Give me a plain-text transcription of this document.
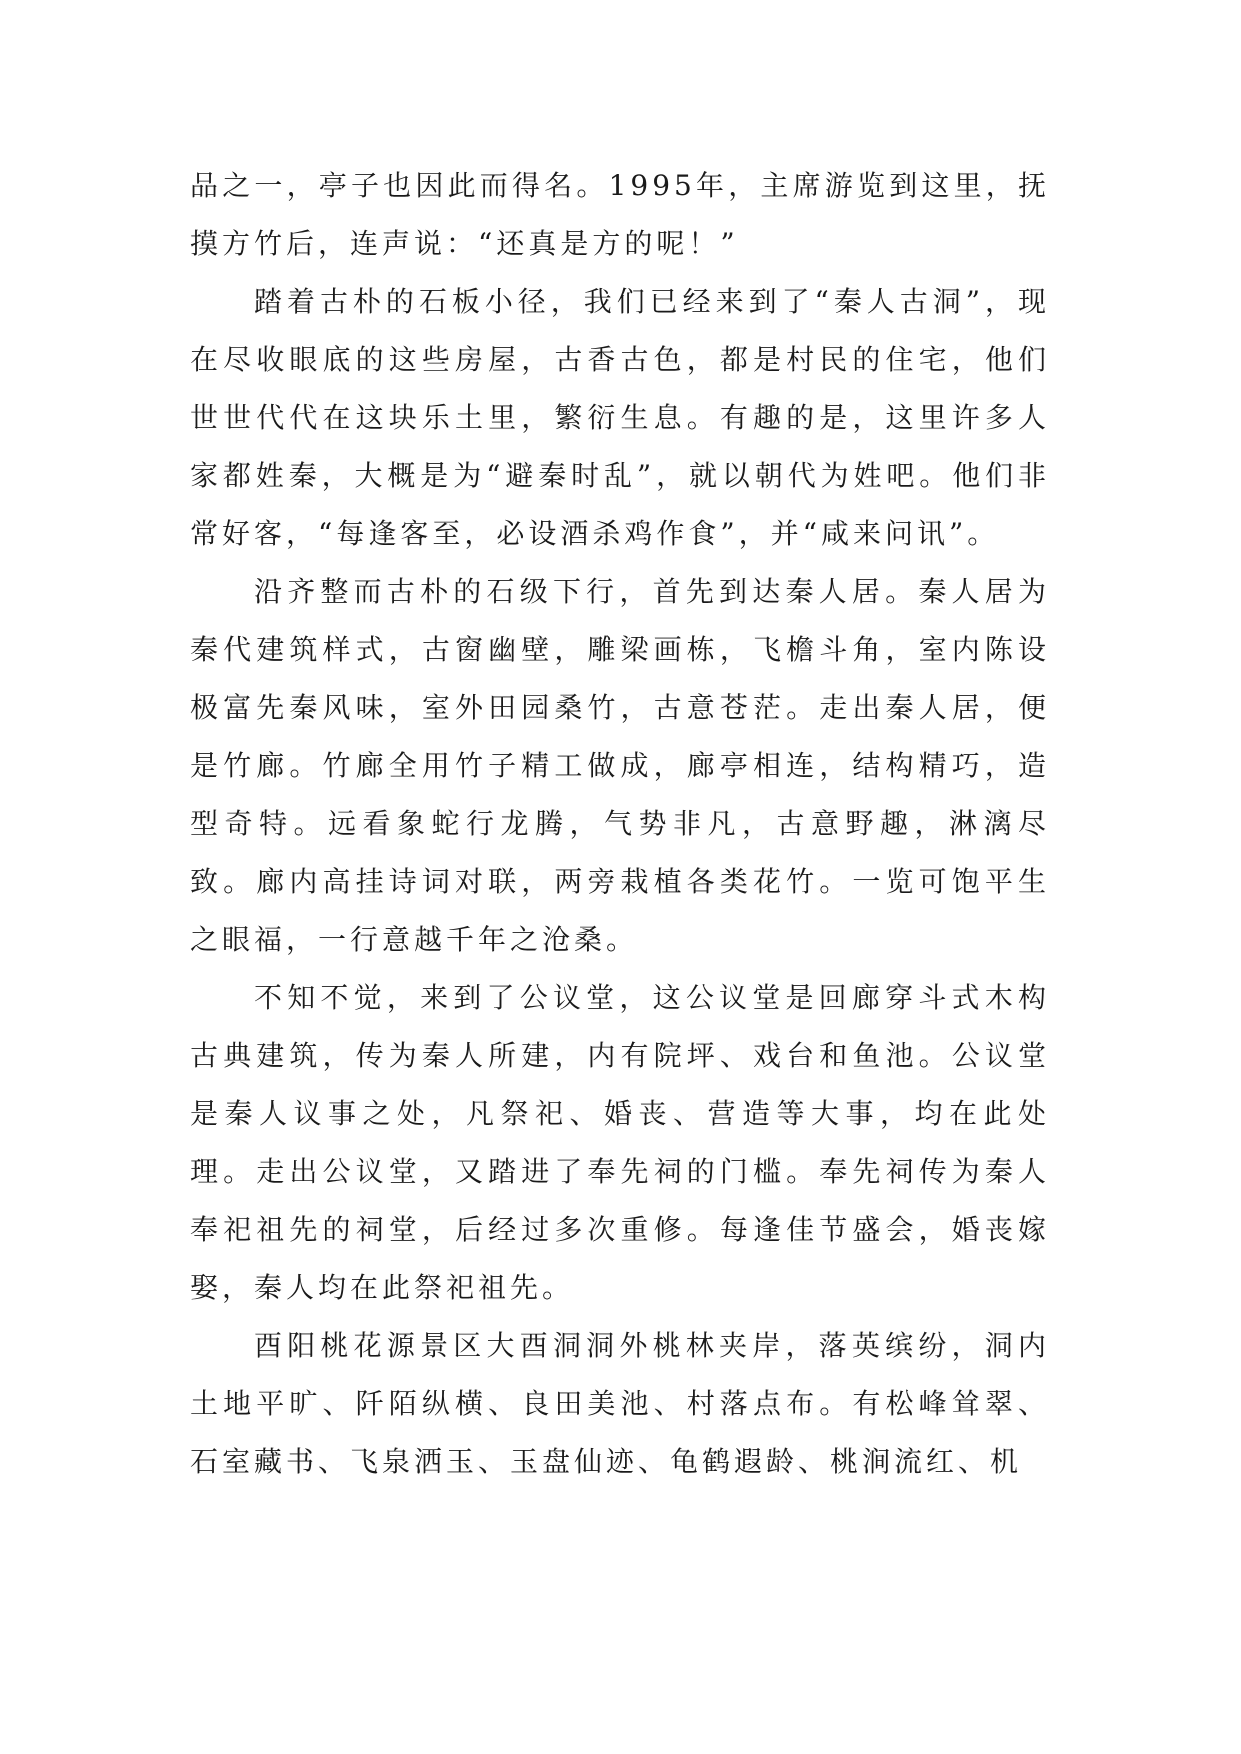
品之一，亭子也因此而得名。1995年，主席游览到这里，抚摸方竹后，连声说：“还真是方的呢！”

踏着古朴的石板小径，我们已经来到了“秦人古洞”，现在尽收眼底的这些房屋，古香古色，都是村民的住宅，他们世世代代在这块乐土里，繁衍生息。有趣的是，这里许多人家都姓秦，大概是为“避秦时乱”，就以朝代为姓吧。他们非常好客，“每逢客至，必设酒杀鸡作食”，并“咸来问讯”。

沿齐整而古朴的石级下行，首先到达秦人居。秦人居为秦代建筑样式，古窗幽壁，雕梁画栋，飞檐斗角，室内陈设极富先秦风味，室外田园桑竹，古意苍茫。走出秦人居，便是竹廊。竹廊全用竹子精工做成，廊亭相连，结构精巧，造型奇特。远看象蛇行龙腾，气势非凡，古意野趣，淋漓尽致。廊内高挂诗词对联，两旁栽植各类花竹。一览可饱平生之眼福，一行意越千年之沧桑。

不知不觉，来到了公议堂，这公议堂是回廊穿斗式木构古典建筑，传为秦人所建，内有院坪、戏台和鱼池。公议堂是秦人议事之处，凡祭祀、婚丧、营造等大事，均在此处理。走出公议堂，又踏进了奉先祠的门槛。奉先祠传为秦人奉祀祖先的祠堂，后经过多次重修。每逢佳节盛会，婚丧嫁娶，秦人均在此祭祀祖先。

酉阳桃花源景区大酉洞洞外桃林夹岸，落英缤纷，洞内土地平旷、阡陌纵横、良田美池、村落点布。有松峰耸翠、石室藏书、飞泉洒玉、玉盘仙迹、龟鹤遐龄、桃涧流红、机
